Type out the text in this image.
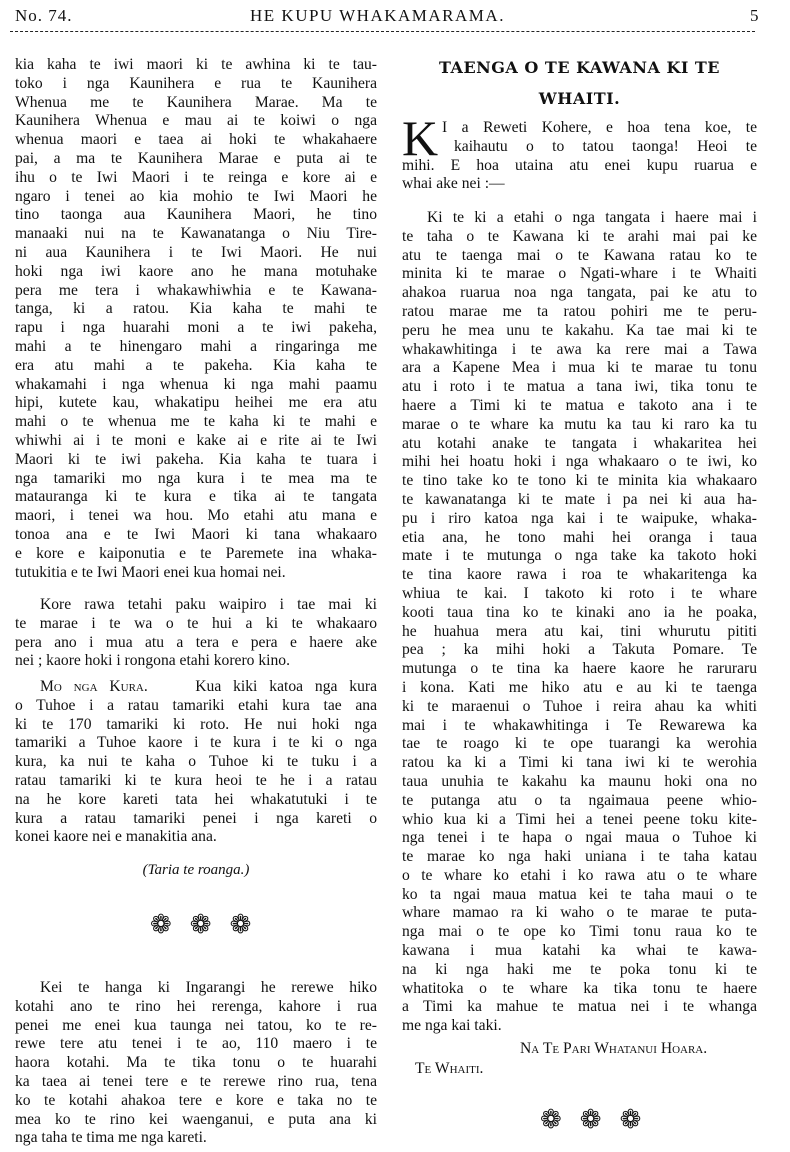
No. 74.	HE KUPU WHAKAMARAMA.	5
kia kaha te iwi maori ki te awhina ki te tau-
toko i nga Kaunihera e rua te Kaunihera
Whenua me te Kaunihera Marae. Ma te
Kaunihera Whenua e mau ai te koiwi o nga
whenua maori e taea ai hoki te whakahaere
pai, a ma te Kaunihera Marae e puta ai te
ihu o te Iwi Maori i te reinga e kore ai e
ngaro i tenei ao kia mohio te Iwi Maori he
tino taonga aua Kaunihera Maori, he tino
manaaki nui na te Kawanatanga o Niu Tire-
ni aua Kaunihera i te Iwi Maori. He nui
hoki nga iwi kaore ano he mana motuhake
pera me tera i whakawhiwhia e te Kawana-
tanga, ki a ratou. Kia kaha te mahi te
rapu i nga huarahi moni a te iwi pakeha,
mahi a te hinengaro mahi a ringaringa me
era atu mahi a te pakeha. Kia kaha te
whakamahi i nga whenua ki nga mahi paamu
hipi, kutete kau, whakatipu heihei me era atu
mahi o te whenua me te kaha ki te mahi e
whiwhi ai i te moni e kake ai e rite ai te Iwi
Maori ki te iwi pakeha. Kia kaha te tuara i
nga tamariki mo nga kura i te mea ma te
matauranga ki te kura e tika ai te tangata
maori, i tenei wa hou. Mo etahi atu mana e
tonoa ana e te Iwi Maori ki tana whakaaro
e kore e kaiponutia e te Paremete ina whaka-
tutukitia e te Iwi Maori enei kua homai nei.
Kore rawa tetahi paku waipiro i tae mai ki
te marae i te wa o te hui a ki te whakaaro
pera ano i mua atu a tera e pera e haere ake
nei ; kaore hoki i rongona etahi korero kino.
Mo nga Kura.	Kua kiki katoa nga kura
o Tuhoe i a ratau tamariki etahi kura tae ana
ki te 170 tamariki ki roto. He nui hoki nga
tamariki a Tuhoe kaore i te kura i te ki o nga
kura, ka nui te kaha o Tuhoe ki te tuku i a
ratau tamariki ki te kura heoi te he i a ratau
na he kore kareti tata hei whakatutuki i te
kura a ratau tamariki penei i nga kareti o
konei kaore nei e manakitia ana.
(Taria te roanga.)
❁❁❁
Kei te hanga ki Ingarangi he rerewe hiko
kotahi ano te rino hei rerenga, kahore i rua
penei me enei kua taunga nei tatou, ko te re-
rewe tere atu tenei i te ao, 110 maero i te
haora kotahi. Ma te tika tonu o te huarahi
ka taea ai tenei tere e te rerewe rino rua, tena
ko te kotahi ahakoa tere e kore e taka no te
mea ko te rino kei waenganui, e puta ana ki
nga taha te tima me nga kareti.
TAENGA O TE KAWANA KI TE
WHAITI.
K I a Reweti Kohere, e hoa tena koe, te
kaihautu o to tatou taonga! Heoi te
mihi. E hoa utaina atu enei kupu ruarua e
whai ake nei :—
Ki te ki a etahi o nga tangata i haere mai i
te taha o te Kawana ki te arahi mai pai ke
atu te taenga mai o te Kawana ratau ko te
minita ki te marae o Ngati-whare i te Whaiti
ahakoa ruarua noa nga tangata, pai ke atu to
ratou marae me ta ratou pohiri me te peru-
peru he mea unu te kakahu. Ka tae mai ki te
whakawhitinga i te awa ka rere mai a Tawa
ara a Kapene Mea i mua ki te marae tu tonu
atu i roto i te matua a tana iwi, tika tonu te
haere a Timi ki te matua e takoto ana i te
marae o te whare ka mutu ka tau ki raro ka tu
atu kotahi anake te tangata i whakaritea hei
mihi hei hoatu hoki i nga whakaaro o te iwi, ko
te tino take ko te tono ki te minita kia whakaaro
te kawanatanga ki te mate i pa nei ki aua ha-
pu i riro katoa nga kai i te waipuke, whaka-
etia ana, he tono mahi hei oranga i taua
mate i te mutunga o nga take ka takoto hoki
te tina kaore rawa i roa te whakaritenga ka
whiua te kai. I takoto ki roto i te whare
kooti taua tina ko te kinaki ano ia he poaka,
he huahua mera atu kai, tini whurutu pititi
pea ; ka mihi hoki a Takuta Pomare. Te
mutunga o te tina ka haere kaore he raruraru
i kona. Kati me hiko atu e au ki te taenga
ki te maraenui o Tuhoe i reira ahau ka whiti
mai i te whakawhitinga i Te Rewarewa ka
tae te roago ki te ope tuarangi ka werohia
ratou ka ki a Timi ki tana iwi ki te werohia
taua unuhia te kakahu ka maunu hoki ona no
te putanga atu o ta ngaimaua peene whio-
whio kua ki a Timi hei a tenei peene toku kite-
nga tenei i te hapa o ngai maua o Tuhoe ki
te marae ko nga haki uniana i te taha katau
o te whare ko etahi i ko rawa atu o te whare
ko ta ngai maua matua kei te taha maui o te
whare mamao ra ki waho o te marae te puta-
nga mai o te ope ko Timi tonu raua ko te
kawana i mua katahi ka whai te kawa-
na ki nga haki me te poka tonu ki te
whatitoka o te whare ka tika tonu te haere
a Timi ka mahue te matua nei i te whanga
me nga kai taki.
Na Te Pari Whatanui Hoara.
Te Whaiti.
❁❁❁
